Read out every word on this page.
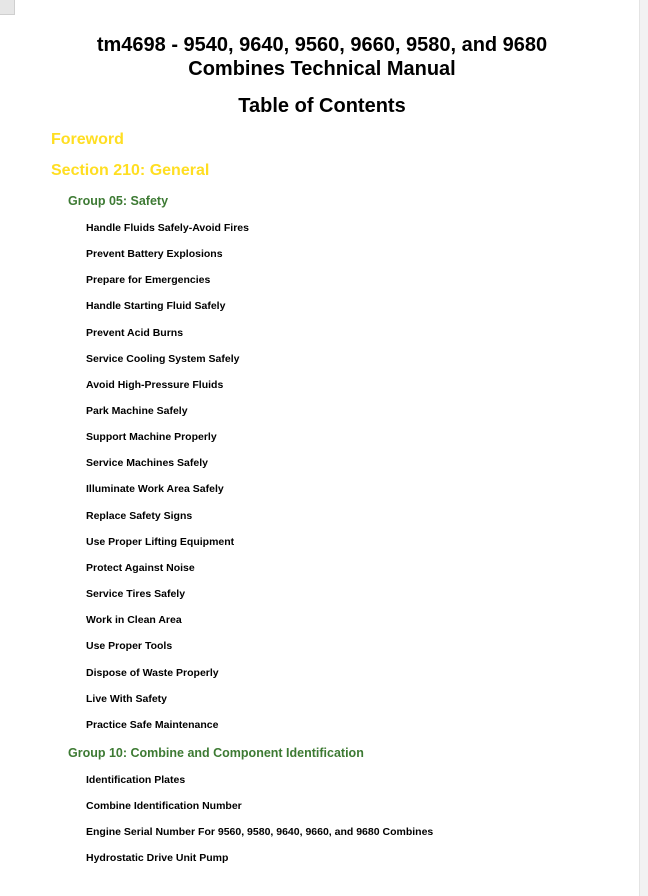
tm4698 - 9540, 9640, 9560, 9660, 9580, and 9680
Combines Technical Manual
Table of Contents
Foreword
Section 210: General
Group 05: Safety
Handle Fluids Safely-Avoid Fires
Prevent Battery Explosions
Prepare for Emergencies
Handle Starting Fluid Safely
Prevent Acid Burns
Service Cooling System Safely
Avoid High-Pressure Fluids
Park Machine Safely
Support Machine Properly
Service Machines Safely
Illuminate Work Area Safely
Replace Safety Signs
Use Proper Lifting Equipment
Protect Against Noise
Service Tires Safely
Work in Clean Area
Use Proper Tools
Dispose of Waste Properly
Live With Safety
Practice Safe Maintenance
Group 10: Combine and Component Identification
Identification Plates
Combine Identification Number
Engine Serial Number For 9560, 9580, 9640, 9660, and 9680 Combines
Hydrostatic Drive Unit Pump
